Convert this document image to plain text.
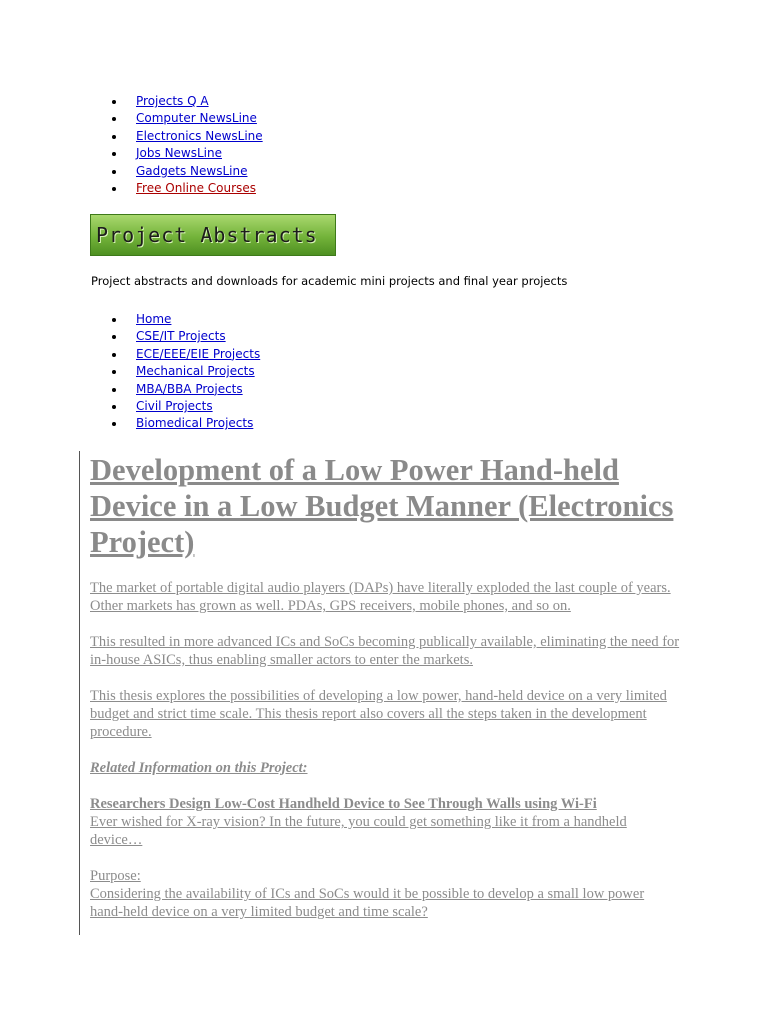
Projects Q A
Computer NewsLine
Electronics NewsLine
Jobs NewsLine
Gadgets NewsLine
Free Online Courses
Project Abstracts
Project abstracts and downloads for academic mini projects and final year projects
Home
CSE/IT Projects
ECE/EEE/EIE Projects
Mechanical Projects
MBA/BBA Projects
Civil Projects
Biomedical Projects
Development of a Low Power Hand-held Device in a Low Budget Manner (Electronics Project)

The market of portable digital audio players (DAPs) have literally exploded the last couple of years. Other markets has grown as well. PDAs, GPS receivers, mobile phones, and so on.

This resulted in more advanced ICs and SoCs becoming publically available, eliminating the need for in-house ASICs, thus enabling smaller actors to enter the markets.

This thesis explores the possibilities of developing a low power, hand-held device on a very limited budget and strict time scale. This thesis report also covers all the steps taken in the development procedure.

Related Information on this Project:

Researchers Design Low-Cost Handheld Device to See Through Walls using Wi-Fi

Ever wished for X-ray vision? In the future, you could get something like it from a handheld device…

Purpose:

Considering the availability of ICs and SoCs would it be possible to develop a small low power hand-held device on a very limited budget and time scale?
